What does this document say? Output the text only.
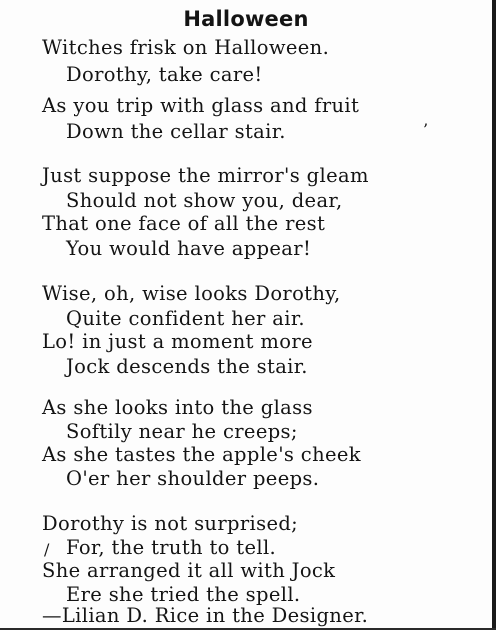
Halloween
Witches frisk on Halloween.
Dorothy, take care!
As you trip with glass and fruit
Down the cellar stair.
Just suppose the mirror's gleam
Should not show you, dear,
That one face of all the rest
You would have appear!
Wise, oh, wise looks Dorothy,
Quite confident her air.
Lo! in just a moment more
Jock descends the stair.
As she looks into the glass
Softily near he creeps;
As she tastes the apple's cheek
O'er her shoulder peeps.
Dorothy is not surprised;
For, the truth to tell.
She arranged it all with Jock
Ere she tried the spell.
—Lilian D. Rice in the Designer.
’
/
